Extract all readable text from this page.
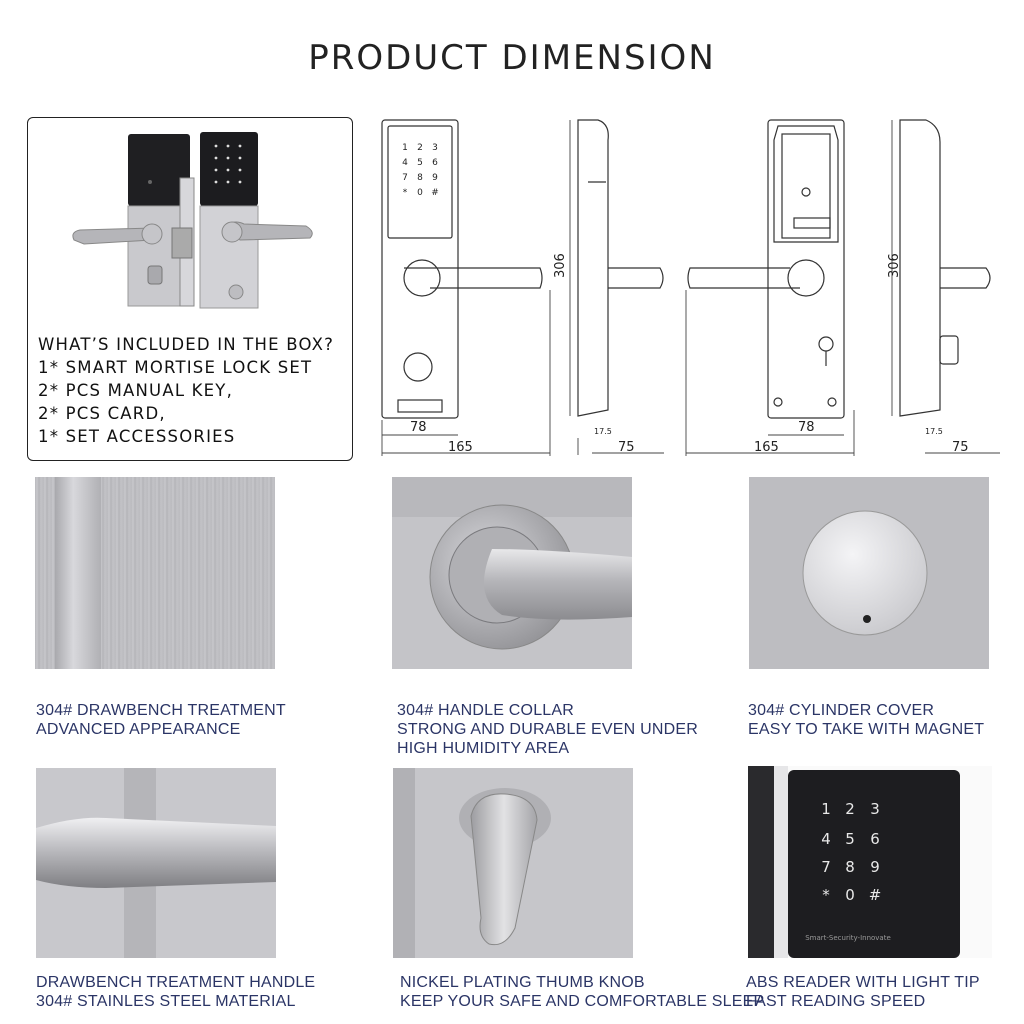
PRODUCT DIMENSION
WHAT’S INCLUDED IN THE BOX?
1* SMART MORTISE LOCK SET
2* PCS MANUAL KEY,
2* PCS CARD,
1* SET ACCESSORIES	78
165	75
17.5
306
78
165	75
17.5
306
1 2 3
4 5 6
7 8 9
* 0 #
304# DRAWBENCH TREATMENT
ADVANCED APPEARANCE
304# HANDLE COLLAR
STRONG AND DURABLE EVEN UNDER
HIGH HUMIDITY AREA
304# CYLINDER COVER
EASY TO TAKE WITH MAGNET
1 2 3
4 5 6
7 8 9
* 0 #
Smart-Security-Innovate
DRAWBENCH TREATMENT HANDLE
304# STAINLES STEEL MATERIAL
NICKEL PLATING THUMB KNOB
KEEP YOUR SAFE AND COMFORTABLE SLEEP
ABS READER WITH LIGHT TIP
FAST READING SPEED
